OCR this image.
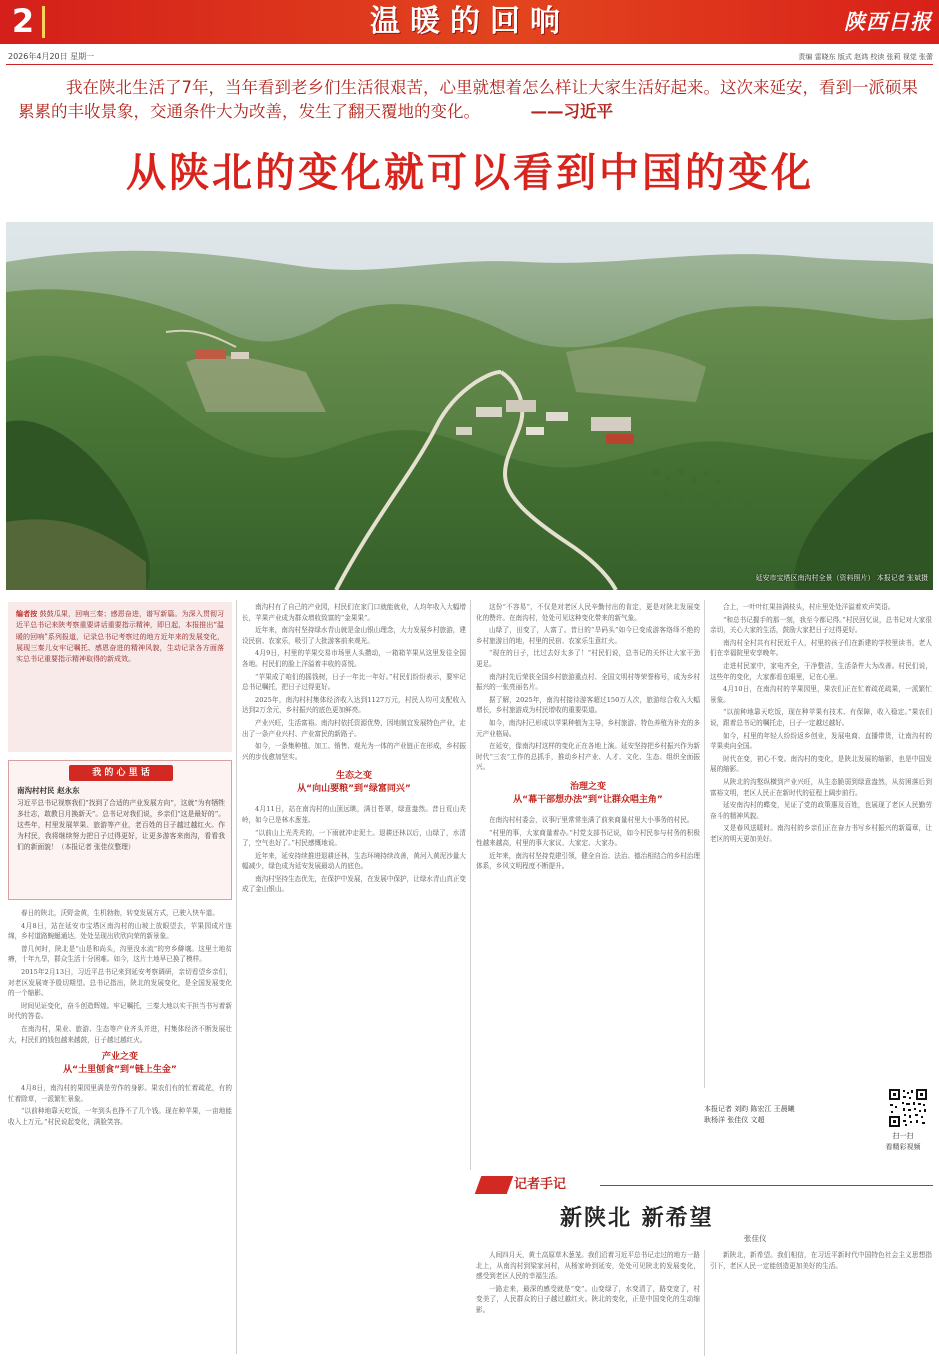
2	温暖的回响	陕西日报
2026年4月20日 星期一	责编 雷晓东 版式 赵鸿 校读 张莉 视觉 张蕾
我在陕北生活了7年，当年看到老乡们生活很艰苦，心里就想着怎么样让大家生活好起来。这次来延安，看到一派硕果累累的丰收景象，交通条件大为改善，发生了翻天覆地的变化。	——习近平
从陕北的变化就可以看到中国的变化
延安市宝塔区南沟村全景（资料照片） 本报记者 张斌摄
编者按 鼓鼓瓜果，回响三秦；感恩奋进，谱写新篇。为深入贯彻习近平总书记来陕考察重要讲话重要指示精神，即日起，本报推出“温暖的回响”系列报道，记录总书记考察过的地方近年来的发展变化，展现三秦儿女牢记嘱托、感恩奋进的精神风貌，生动记录各方面落实总书记重要指示精神取得的新成效。
我 的 心 里 话
南沟村村民 赵永东
习近平总书记视察我们“找到了合适的产业发展方向”，这就“为有牺牲多壮志，敢教日月换新天”。总书记对我们说，乡亲们“这是最好的”。这些年，村里发展苹果、旅游等产业，老百姓的日子越过越红火。作为村民，我将继续努力把日子过得更好，让更多游客来南沟，看看我们的新面貌！（本报记者 张佳仪整理）

春日的陕北，沃野金黄，生机勃勃，转变发展方式，已驶入快车道。

4月8日，站在延安市宝塔区南沟村的山坡上放眼望去，苹果园成片连绵，乡村道路蜿蜒通达，处处呈现出欣欣向荣的新景象。

曾几何时，陕北是“山是和尚头，沟里没水流”的穷乡僻壤。这里土地贫瘠，十年九旱，群众生活十分困难。如今，这片土地早已换了模样。

2015年2月13日，习近平总书记来到延安考察调研，亲切看望乡亲们，对老区发展寄予殷切期望。总书记指出，陕北的发展变化，是全国发展变化的一个缩影。

时间见证变化，奋斗创造辉煌。牢记嘱托，三秦大地以实干担当书写着新时代的答卷。

在南沟村，果业、旅游、生态等产业齐头并进，村集体经济不断发展壮大，村民们的钱包越来越鼓，日子越过越红火。

产业之变
从“土里刨食”到“链上生金”

4月8日，南沟村的果园里满是劳作的身影。果农们有的忙着疏花，有的忙着除草，一派繁忙景象。

“以前种地靠天吃饭，一年到头也挣不了几个钱。现在种苹果，一亩地能收入上万元。”村民说起变化，满脸笑容。

南沟村有了自己的产业园，村民们在家门口就能就业，人均年收入大幅增长，苹果产业成为群众增收致富的“金果果”。

近年来，南沟村坚持绿水青山就是金山银山理念，大力发展乡村旅游，建设民宿、农家乐，吸引了大批游客前来观光。

4月9日，村里的苹果交易市场里人头攒动，一箱箱苹果从这里发往全国各地。村民们的脸上洋溢着丰收的喜悦。

“苹果成了咱们的摇钱树，日子一年比一年好。”村民们纷纷表示，要牢记总书记嘱托，把日子过得更好。

2025年，南沟村村集体经济收入达到1127万元，村民人均可支配收入达到2万余元，乡村振兴的底色更加鲜亮。

产业兴旺，生活富裕。南沟村依托资源优势，因地制宜发展特色产业，走出了一条产业兴村、产业富民的新路子。

如今，一条集种植、加工、销售、观光为一体的产业链正在形成，乡村振兴的步伐愈加坚实。

生态之变
从“向山要粮”到“绿富同兴”

4月11日，站在南沟村的山顶远眺，满目苍翠，绿意盎然。昔日荒山秃岭，如今已是林木葱茏。

“以前山上光秃秃的，一下雨就冲走泥土。退耕还林以后，山绿了，水清了，空气也好了。”村民感慨地说。

近年来，延安持续推进退耕还林，生态环境持续改善，黄河入黄泥沙量大幅减少，绿色成为延安发展最动人的底色。

南沟村坚持生态优先，在保护中发展，在发展中保护，让绿水青山真正变成了金山银山。

这份“不容易”，不仅是对老区人民辛勤付出的肯定，更是对陕北发展变化的赞许。在南沟村，处处可见这种变化带来的新气象。

山绿了，田变了，人富了。昔日的“旱码头”如今已变成游客络绎不绝的乡村旅游目的地，村里的民宿、农家乐生意红火。

“现在的日子，比过去好太多了！”村民们说，总书记的关怀让大家干劲更足。

南沟村先后荣获全国乡村旅游重点村、全国文明村等荣誉称号，成为乡村振兴的一张亮丽名片。

据了解，2025年，南沟村接待游客超过150万人次，旅游综合收入大幅增长，乡村旅游成为村民增收的重要渠道。

如今，南沟村已形成以苹果种植为主导，乡村旅游、特色养殖为补充的多元产业格局。

在延安，像南沟村这样的变化正在各地上演。延安坚持把乡村振兴作为新时代“三农”工作的总抓手，推动乡村产业、人才、文化、生态、组织全面振兴。

治理之变
从“幕干部想办法”到“让群众唱主角”

在南沟村村委会，议事厅里常常坐满了前来商量村里大小事务的村民。

“村里的事，大家商量着办。”村党支部书记说，如今村民参与村务的积极性越来越高，村里的事大家议、大家定、大家办。

近年来，南沟村坚持党建引领，健全自治、法治、德治相结合的乡村治理体系，乡风文明程度不断提升。

合上，一叶叶红果挂满枝头，村庄里处处洋溢着欢声笑语。

“和总书记握手的那一刻，我至今都记得。”村民回忆说，总书记对大家很亲切，关心大家的生活，鼓励大家把日子过得更好。

南沟村全村共有村民近千人，村里的孩子们在新建的学校里读书，老人们在幸福院里安享晚年。

走进村民家中，家电齐全，干净整洁，生活条件大为改善。村民们说，这些年的变化，大家都看在眼里，记在心里。

4月10日，在南沟村的苹果园里，果农们正在忙着疏花疏果，一派繁忙景象。

“以前种地靠天吃饭，现在种苹果有技术、有保障，收入稳定。”果农们说，跟着总书记的嘱托走，日子一定越过越好。

如今，村里的年轻人纷纷返乡创业，发展电商、直播带货，让南沟村的苹果卖向全国。

时代在变，初心不变。南沟村的变化，是陕北发展的缩影，也是中国发展的缩影。

从陕北的沟壑纵横到产业兴旺，从生态脆弱到绿意盎然，从贫困落后到富裕文明，老区人民正在新时代的征程上阔步前行。

延安南沟村的蝶变，见证了党的政策惠及百姓，也展现了老区人民勤劳奋斗的精神风貌。

又是春风送暖时。南沟村的乡亲们正在奋力书写乡村振兴的新篇章，让老区的明天更加美好。

本报记者 刘昀 陈宏江 王晨曦
耿杨洋 张佳仪 文超
扫一扫
看精彩视频
记者手记
新陕北 新希望
张佳仪

人间四月天，黄土高原草木葱茏。我们沿着习近平总书记走过的地方一路北上，从南沟村到梁家河村，从杨家岭到延安，处处可见陕北的发展变化，感受到老区人民的幸福生活。

一路走来，最深的感受就是“变”。山变绿了，水变清了，路变宽了，村变美了，人民群众的日子越过越红火。陕北的变化，正是中国变化的生动缩影。

新陕北，新希望。我们相信，在习近平新时代中国特色社会主义思想指引下，老区人民一定能创造更加美好的生活。
